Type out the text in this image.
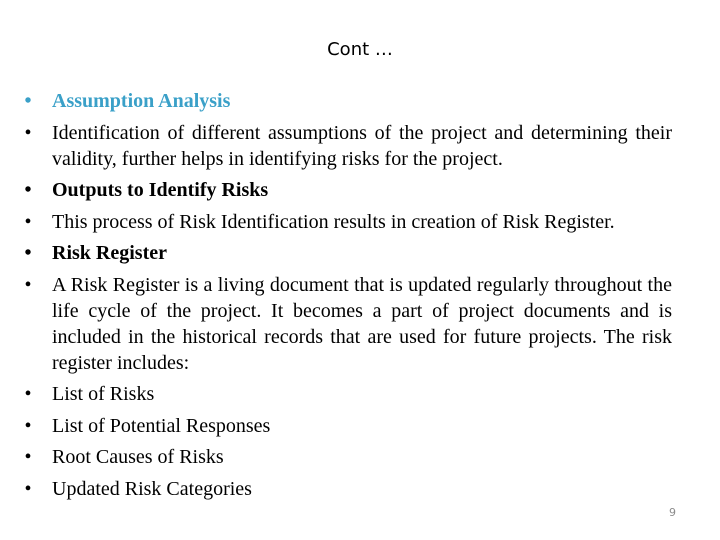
Cont …
• Assumption Analysis
• Identification of different assumptions of the project and determining their validity, further helps in identifying risks for the project.
• Outputs to Identify Risks
• This process of Risk Identification results in creation of Risk Register.
• Risk Register
• A Risk Register is a living document that is updated regularly throughout the life cycle of the project. It becomes a part of project documents and is included in the historical records that are used for future projects. The risk register includes:
• List of Risks
• List of Potential Responses
• Root Causes of Risks
• Updated Risk Categories
9
